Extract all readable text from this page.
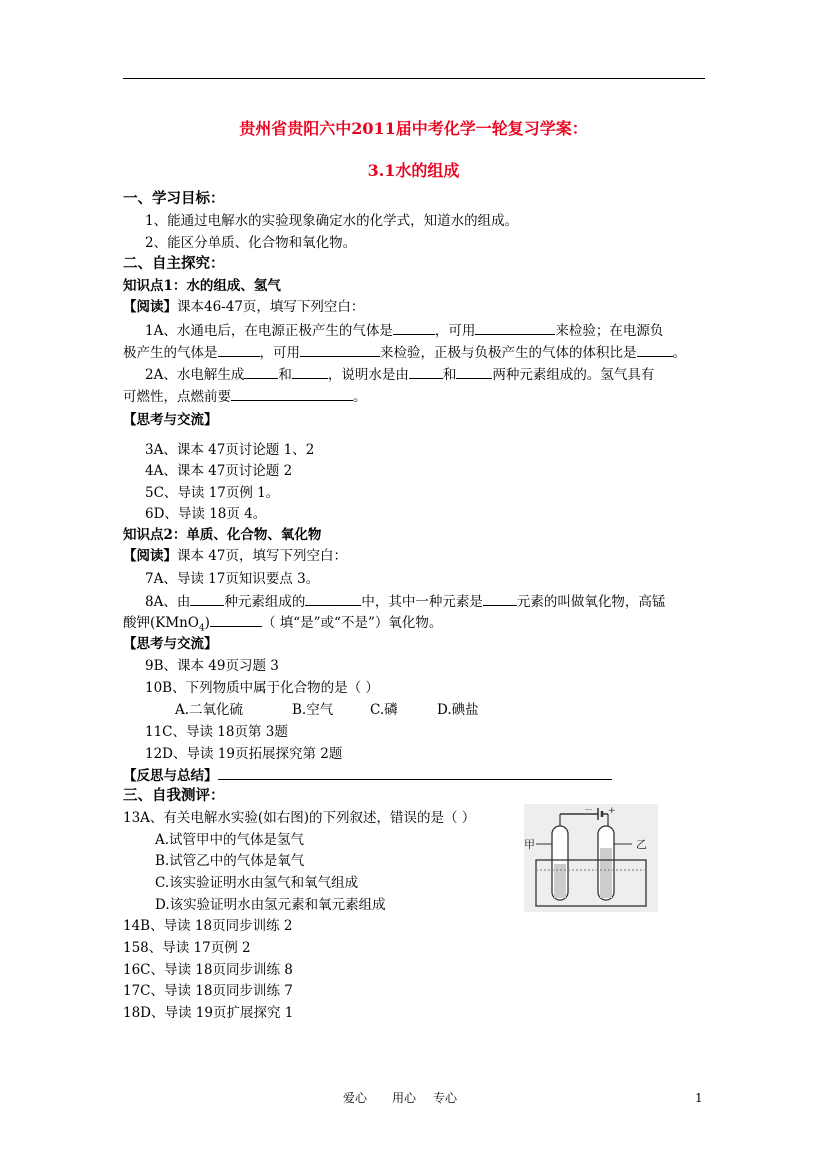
贵州省贵阳六中2011届中考化学一轮复习学案：
3.1水的组成
一、学习目标：
1、能通过电解水的实验现象确定水的化学式，知道水的组成。
2、能区分单质、化合物和氧化物。
二、自主探究：
知识点1：水的组成、氢气
【阅读】课本46-47页，填写下列空白：
1A、水通电后，在电源正极产生的气体是	，可用	来检验；在电源负
极产生的气体是	，可用	来检验，正极与负极产生的气体的体积比是	。
2A、水电解生成	和	，说明水是由	和	两种元素组成的。氢气具有
可燃性，点燃前要	。
【思考与交流】
3A、课本 47页讨论题 1、2
4A、课本 47页讨论题 2
5C、导读 17页例 1。
6D、导读 18页 4。
知识点2：单质、化合物、氧化物
【阅读】课本 47页，填写下列空白：
7A、导读 17页知识要点 3。
8A、由	种元素组成的	中，其中一种元素是	元素的叫做氧化物，高锰
酸钾(KMnO$_4$)	（ 填“是”或“不是”）氧化物。
【思考与交流】
9B、课本 49页习题 3
10B、下列物质中属于化合物的是（ ）
A.二氧化硫	B.空气	C.磷	D.碘盐
11C、导读 18页第 3题
12D、导读 19页拓展探究第 2题
【反思与总结】
三、自我测评：
13A、有关电解水实验(如右图)的下列叙述，错误的是（ ）
A.试管甲中的气体是氢气
B.试管乙中的气体是氧气
C.该实验证明水由氢气和氧气组成
D.该实验证明水由氢元素和氧元素组成
－ +
甲	乙
14B、导读 18页同步训练 2
158、导读 17页例 2
16C、导读 18页同步训练 8
17C、导读 18页同步训练 7
18D、导读 19页扩展探究 1
爱心 用心 专心	1
